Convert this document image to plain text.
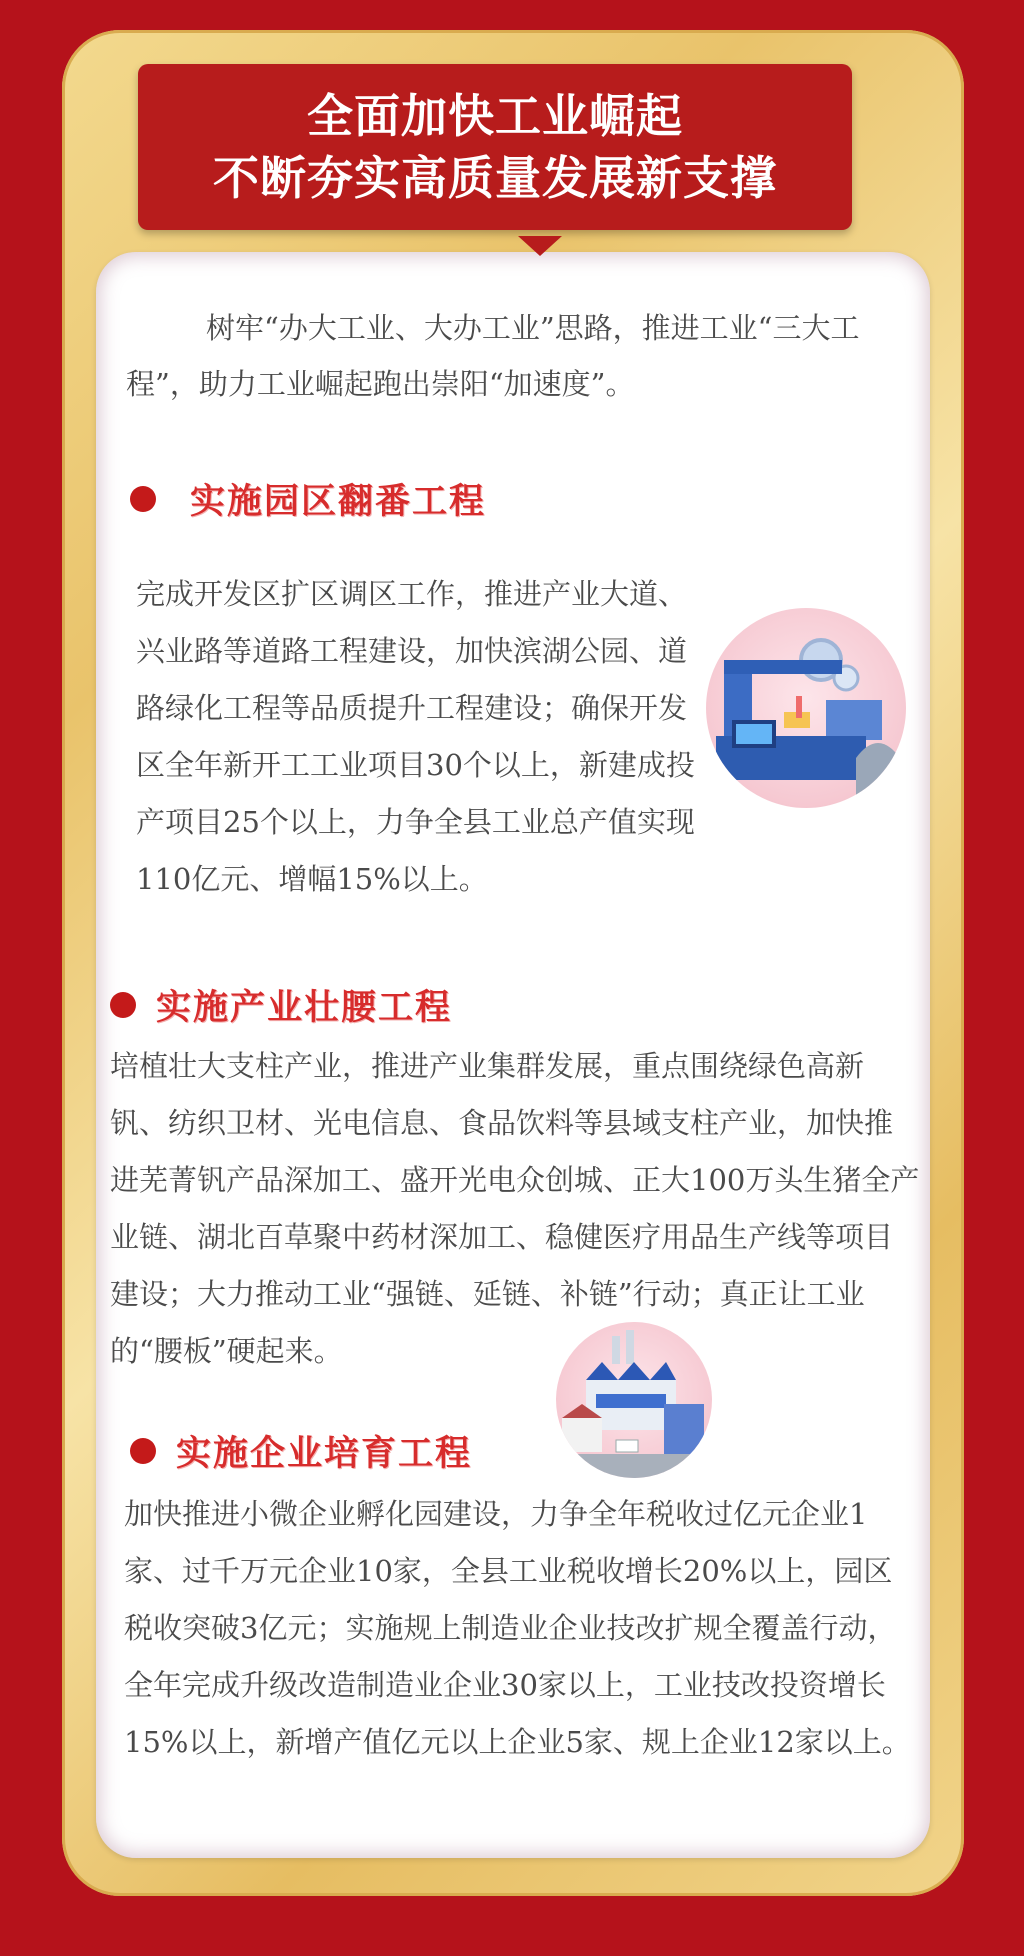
全面加快工业崛起
不断夯实高质量发展新支撑

树牢“办大工业、大办工业”思路，推进工业“三大工程”，助力工业崛起跑出崇阳“加速度”。

实施园区翻番工程

完成开发区扩区调区工作，推进产业大道、兴业路等道路工程建设，加快滨湖公园、道路绿化工程等品质提升工程建设；确保开发区全年新开工工业项目30个以上，新建成投产项目25个以上，力争全县工业总产值实现110亿元、增幅15%以上。

实施产业壮腰工程

培植壮大支柱产业，推进产业集群发展，重点围绕绿色高新钒、纺织卫材、光电信息、食品饮料等县域支柱产业，加快推进芜菁钒产品深加工、盛开光电众创城、正大100万头生猪全产业链、湖北百草聚中药材深加工、稳健医疗用品生产线等项目建设；大力推动工业“强链、延链、补链”行动；真正让工业的“腰板”硬起来。

实施企业培育工程

加快推进小微企业孵化园建设，力争全年税收过亿元企业1家、过千万元企业10家，全县工业税收增长20%以上，园区税收突破3亿元；实施规上制造业企业技改扩规全覆盖行动，全年完成升级改造制造业企业30家以上，工业技改投资增长15%以上，新增产值亿元以上企业5家、规上企业12家以上。
